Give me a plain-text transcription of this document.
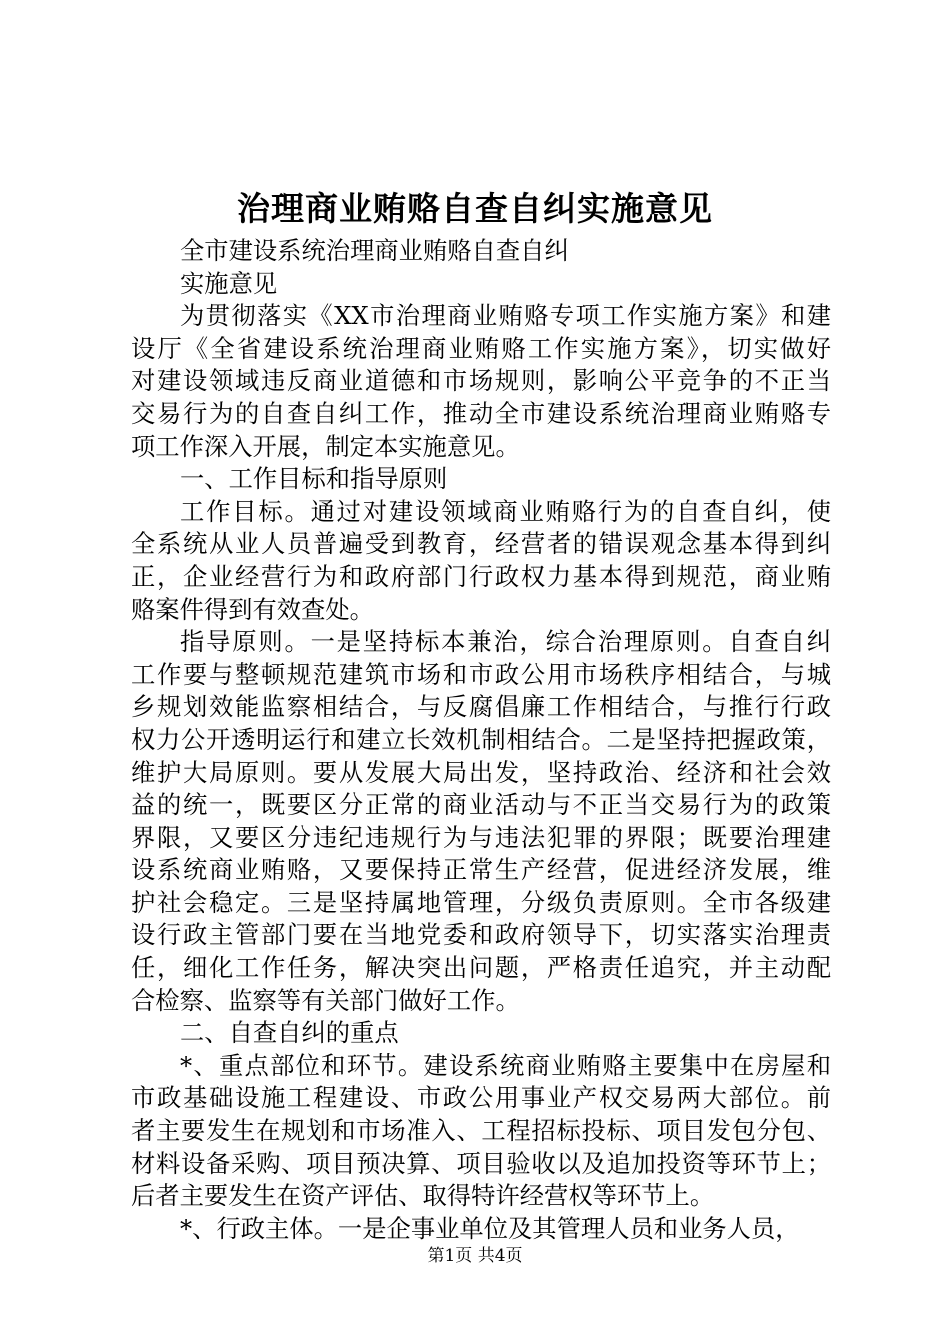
治理商业贿赂自查自纠实施意见
全市建设系统治理商业贿赂自查自纠
实施意见
为贯彻落实《XX市治理商业贿赂专项工作实施方案》和建
设厅《全省建设系统治理商业贿赂工作实施方案》，切实做好
对建设领域违反商业道德和市场规则，影响公平竞争的不正当
交易行为的自查自纠工作，推动全市建设系统治理商业贿赂专
项工作深入开展，制定本实施意见。
一、工作目标和指导原则
工作目标。通过对建设领域商业贿赂行为的自查自纠，使
全系统从业人员普遍受到教育，经营者的错误观念基本得到纠
正，企业经营行为和政府部门行政权力基本得到规范，商业贿
赂案件得到有效查处。
指导原则。一是坚持标本兼治，综合治理原则。自查自纠
工作要与整顿规范建筑市场和市政公用市场秩序相结合，与城
乡规划效能监察相结合，与反腐倡廉工作相结合，与推行行政
权力公开透明运行和建立长效机制相结合。二是坚持把握政策，
维护大局原则。要从发展大局出发，坚持政治、经济和社会效
益的统一，既要区分正常的商业活动与不正当交易行为的政策
界限，又要区分违纪违规行为与违法犯罪的界限；既要治理建
设系统商业贿赂，又要保持正常生产经营，促进经济发展，维
护社会稳定。三是坚持属地管理，分级负责原则。全市各级建
设行政主管部门要在当地党委和政府领导下，切实落实治理责
任，细化工作任务，解决突出问题，严格责任追究，并主动配
合检察、监察等有关部门做好工作。
二、自查自纠的重点
*、重点部位和环节。建设系统商业贿赂主要集中在房屋和
市政基础设施工程建设、市政公用事业产权交易两大部位。前
者主要发生在规划和市场准入、工程招标投标、项目发包分包、
材料设备采购、项目预决算、项目验收以及追加投资等环节上；
后者主要发生在资产评估、取得特许经营权等环节上。
*、行政主体。一是企事业单位及其管理人员和业务人员，
第1页 共4页
